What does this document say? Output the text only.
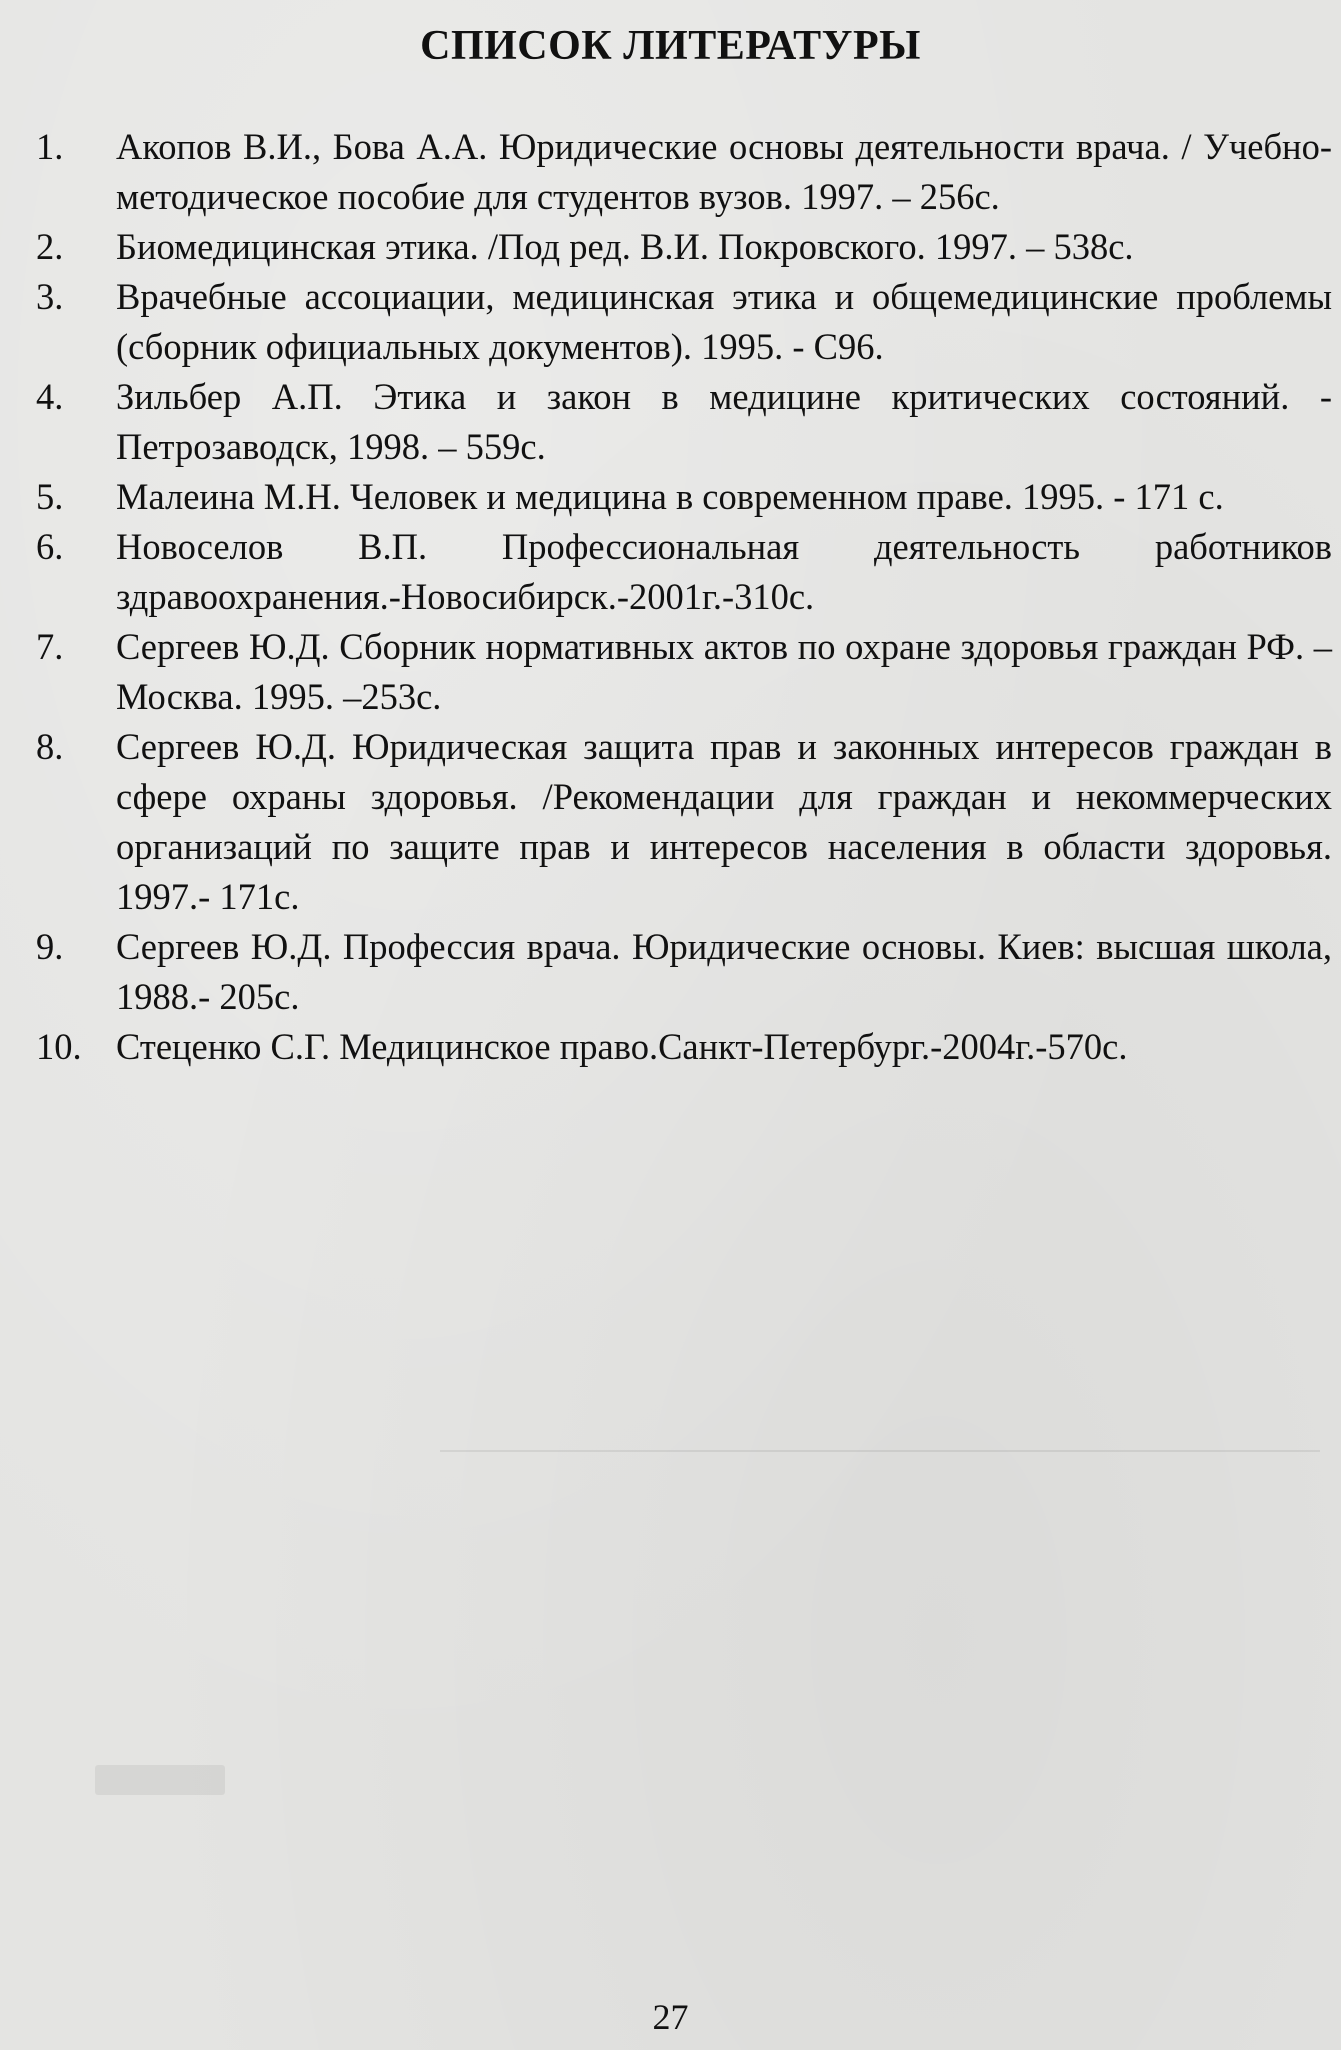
СПИСОК ЛИТЕРАТУРЫ
1.	Акопов В.И., Бова А.А. Юридические основы деятельности врача. / Учебно-методическое пособие для студентов вузов. 1997. – 256с.
2.	Биомедицинская этика. /Под ред. В.И. Покровского. 1997. – 538с.
3.	Врачебные ассоциации, медицинская этика и общемедицинские проблемы (сборник официальных документов). 1995. - С96.
4.	Зильбер А.П. Этика и закон в медицине критических состояний. - Петрозаводск, 1998. – 559с.
5.	Малеина М.Н. Человек и медицина в современном праве. 1995. - 171 с.
6.	Новоселов В.П. Профессиональная деятельность работников здравоохранения.-Новосибирск.-2001г.-310с.
7.	Сергеев Ю.Д. Сборник нормативных актов по охране здоровья граждан РФ. – Москва. 1995. –253с.
8.	Сергеев Ю.Д. Юридическая защита прав и законных интересов граждан в сфере охраны здоровья. /Рекомендации для граждан и некоммерческих организаций по защите прав и интересов населения в области здоровья. 1997.- 171с.
9.	Сергеев Ю.Д. Профессия врача. Юридические основы. Киев: высшая школа, 1988.- 205с.
10. Стеценко С.Г. Медицинское право.Санкт-Петербург.-2004г.-570с.
27
